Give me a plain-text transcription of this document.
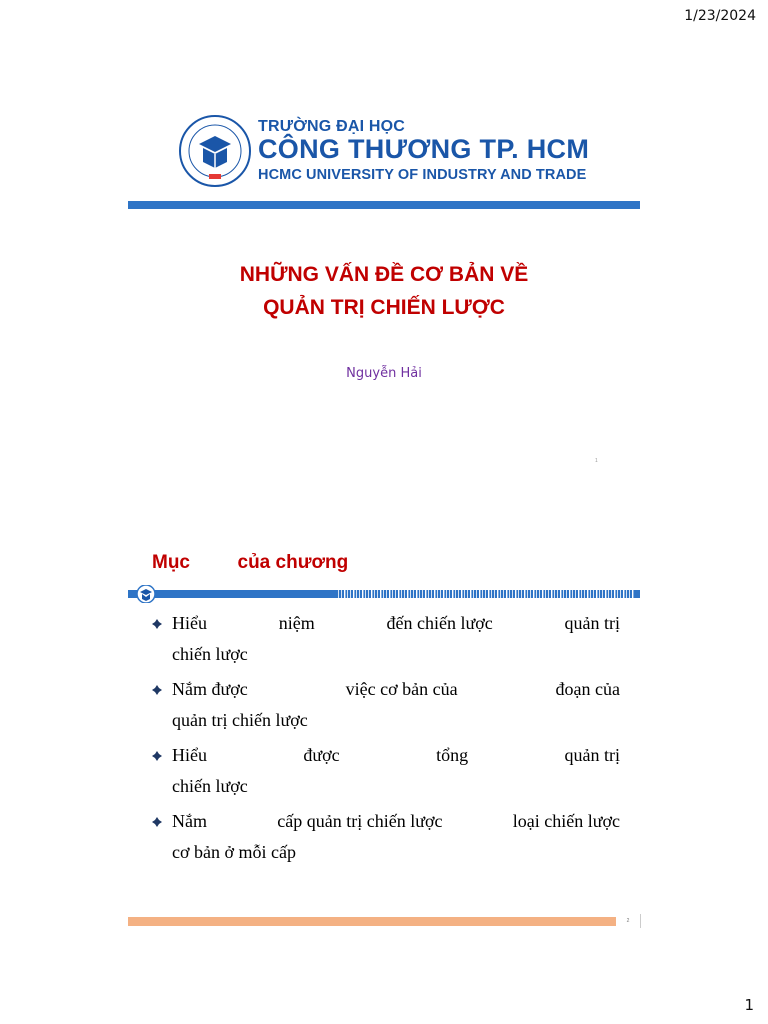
1/23/2024
TRƯỜNG ĐẠI HỌC
CÔNG THƯƠNG TP. HCM
HCMC UNIVERSITY OF INDUSTRY AND TRADE
NHỮNG VẤN ĐỀ CƠ BẢN VỀ
QUẢN TRỊ CHIẾN LƯỢC
Nguyễn Hải
1
Mục         của chương
Hiểu	niệm	đến chiến lược	quản trị
chiến lược
Nắm được	việc cơ bản của	đoạn của
quản trị chiến lược
Hiểu	được	tổng	quản trị
chiến lược
Nắm	cấp quản trị chiến lược	loại chiến lược
cơ bản ở mỗi cấp
2
1
